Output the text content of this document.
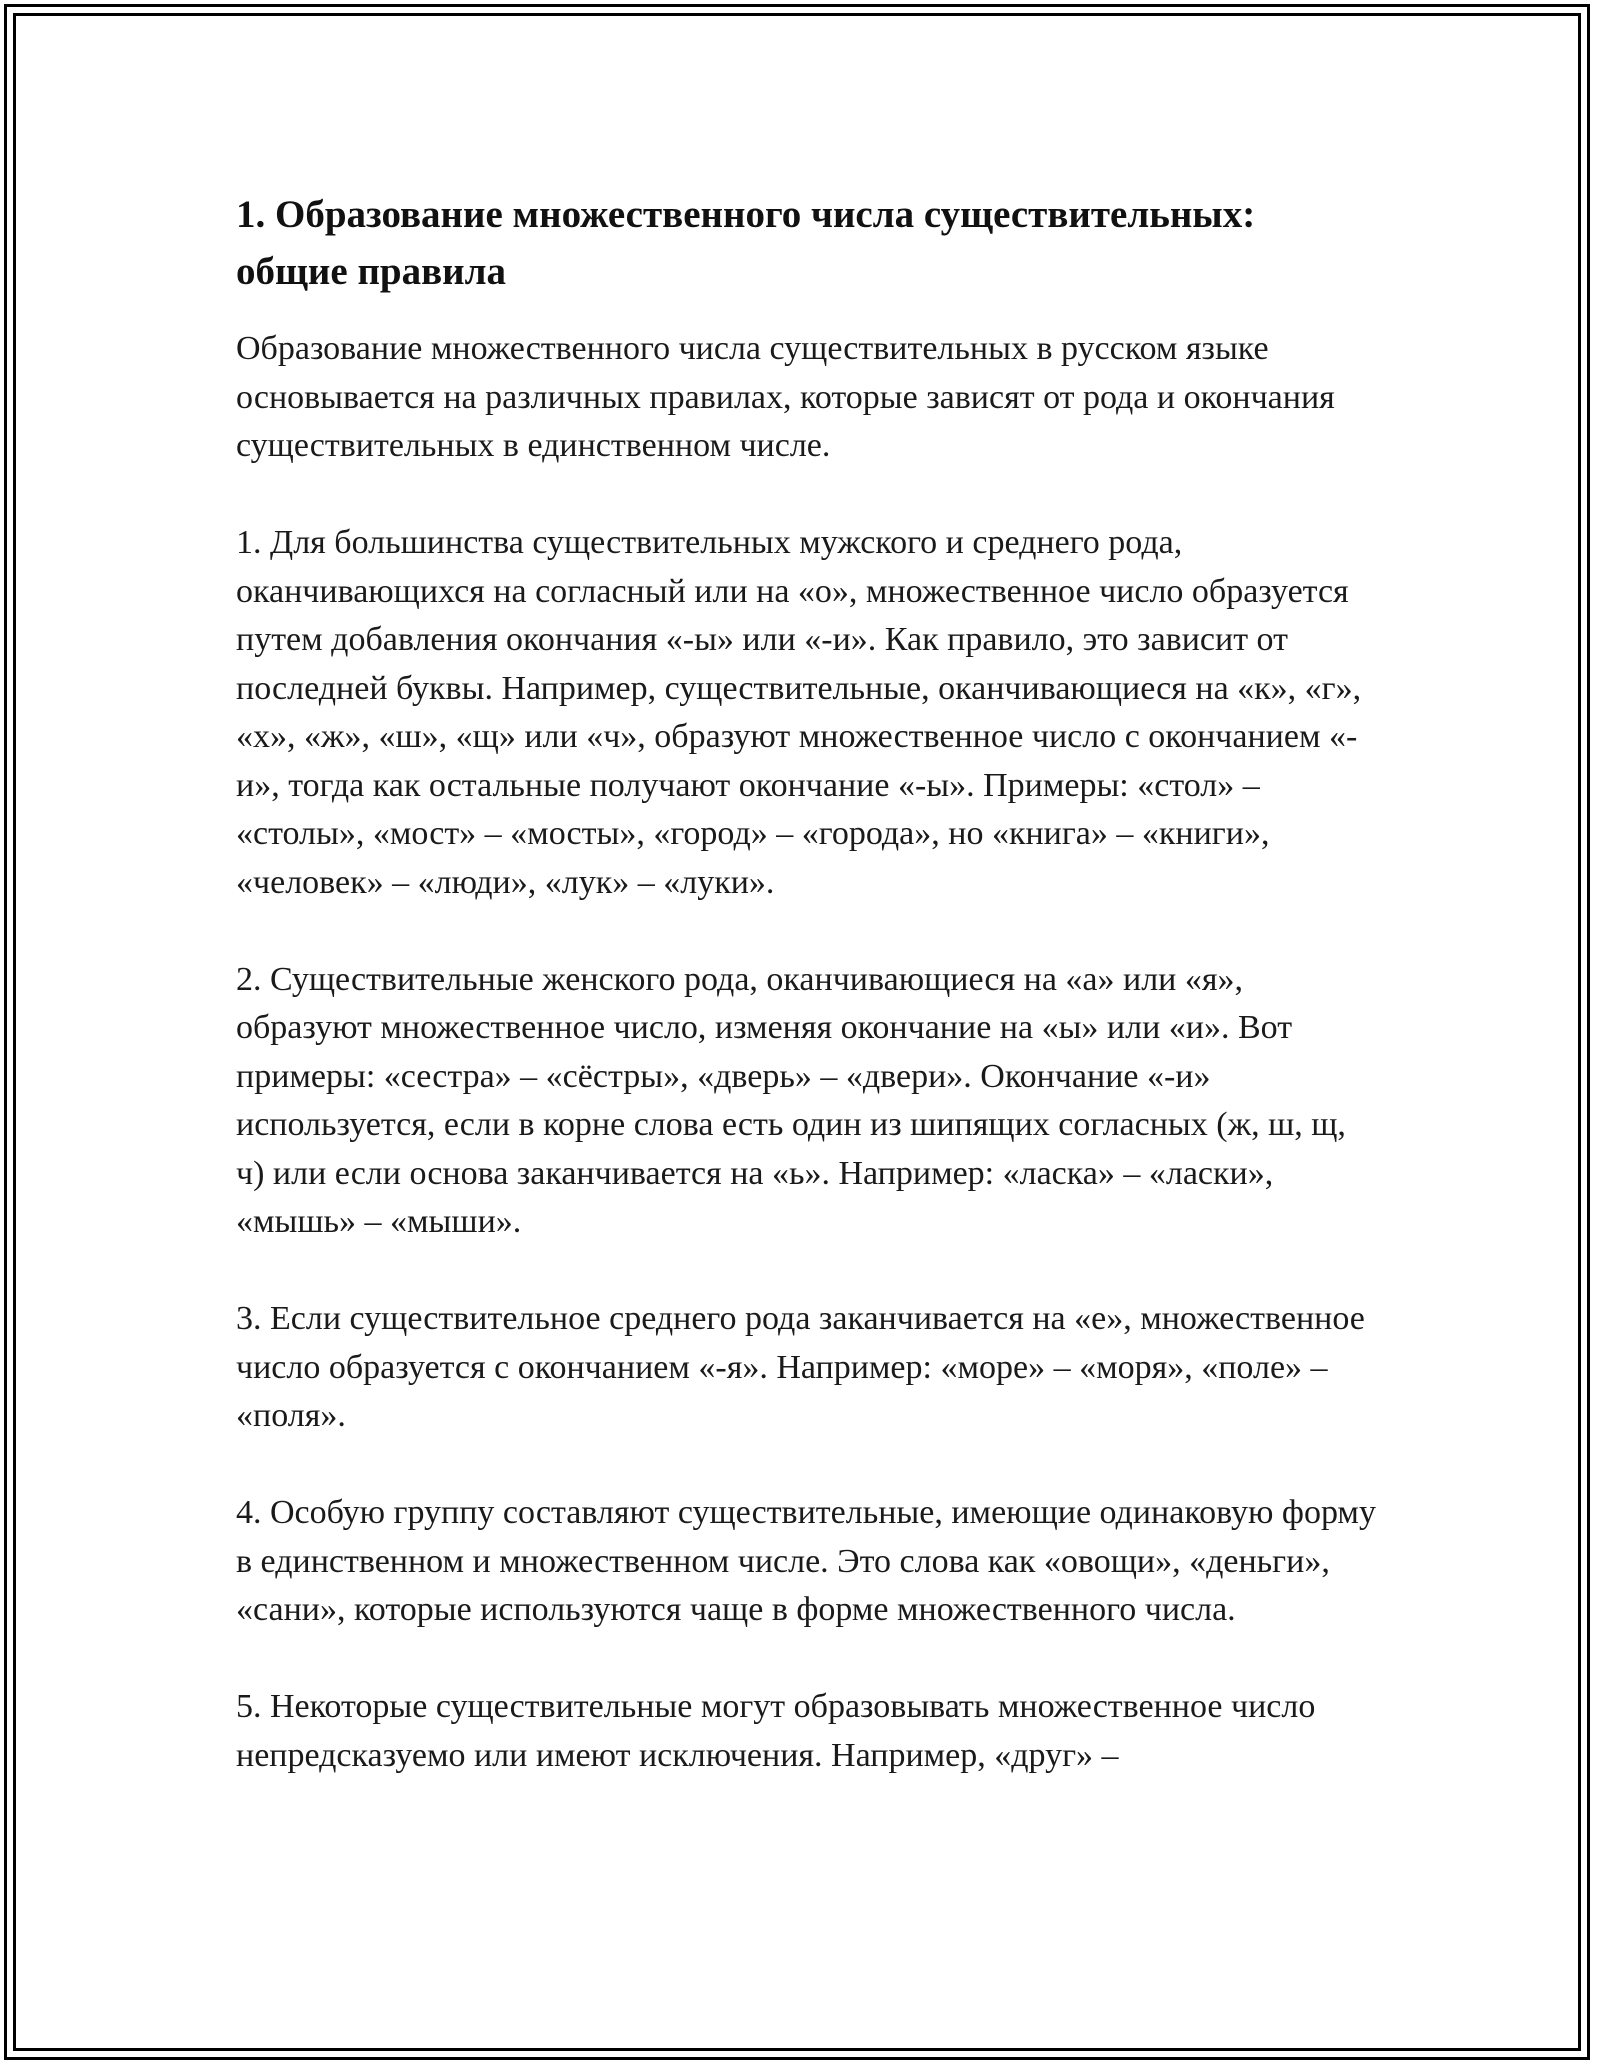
1. Образование множественного числа существительных: общие правила

Образование множественного числа существительных в русском языке основывается на различных правилах, которые зависят от рода и окончания существительных в единственном числе.

1. Для большинства существительных мужского и среднего рода, оканчивающихся на согласный или на «о», множественное число образуется путем добавления окончания «-ы» или «-и». Как правило, это зависит от последней буквы. Например, существительные, оканчивающиеся на «к», «г», «х», «ж», «ш», «щ» или «ч», образуют множественное число с окончанием «-и», тогда как остальные получают окончание «-ы». Примеры: «стол» – «столы», «мост» – «мосты», «город» – «города», но «книга» – «книги», «человек» – «люди», «лук» – «луки».

2. Существительные женского рода, оканчивающиеся на «а» или «я», образуют множественное число, изменяя окончание на «ы» или «и». Вот примеры: «сестра» – «сёстры», «дверь» – «двери». Окончание «-и» используется, если в корне слова есть один из шипящих согласных (ж, ш, щ, ч) или если основа заканчивается на «ь». Например: «ласка» – «ласки», «мышь» – «мыши».

3. Если существительное среднего рода заканчивается на «е», множественное число образуется с окончанием «-я». Например: «море» – «моря», «поле» – «поля».

4. Особую группу составляют существительные, имеющие одинаковую форму в единственном и множественном числе. Это слова как «овощи», «деньги», «сани», которые используются чаще в форме множественного числа.

5. Некоторые существительные могут образовывать множественное число непредсказуемо или имеют исключения. Например, «друг» –
